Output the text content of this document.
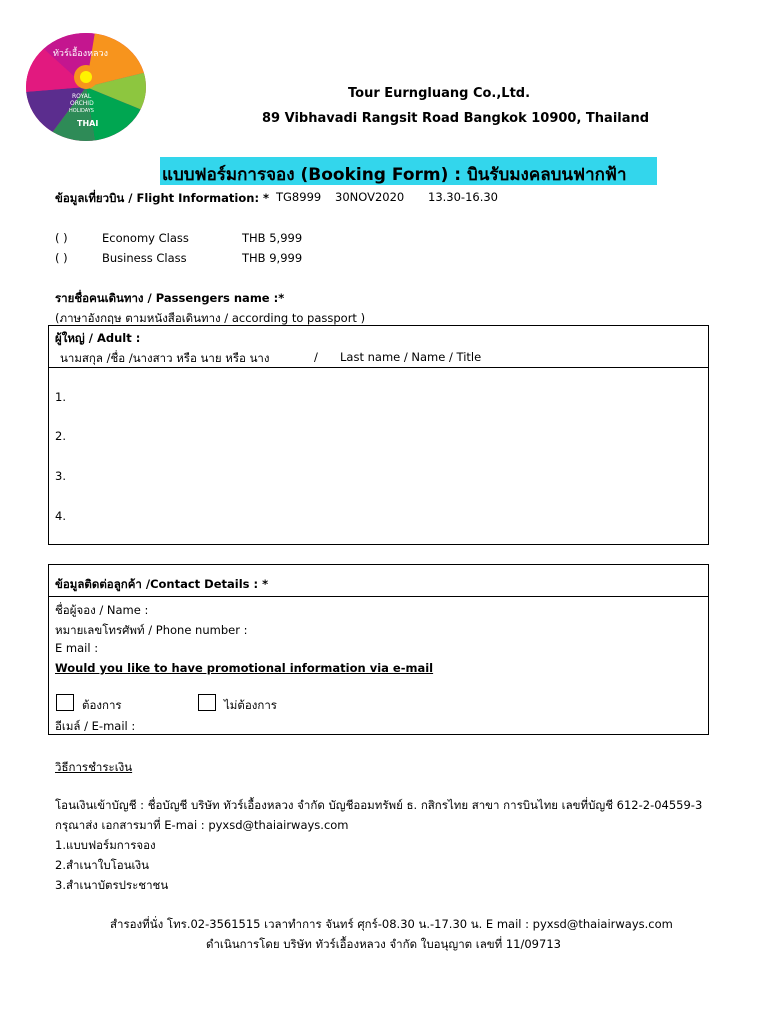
ทัวร์เอื้องหลวง
ROYAL
ORCHID
HOLIDAYS
THAI
Tour Eurngluang Co.,Ltd.
89 Vibhavadi Rangsit Road Bangkok 10900, Thailand
แบบฟอร์มการจอง (Booking Form) : บินรับมงคลบนฟากฟ้า
ข้อมูลเที่ยวบิน / Flight Information: * TG8999 30NOV2020 13.30-16.30
( )	Economy Class	THB 5,999
( )	Business Class	THB 9,999
รายชื่อคนเดินทาง / Passengers name :*
(ภาษาอังกฤษ ตามหนังสือเดินทาง / according to passport )
ผู้ใหญ่ / Adult :
นามสกุล /ชื่อ /นางสาว หรือ นาย หรือ นาง	/ Last name / Name / Title
1.
2.
3.
4.
ข้อมูลติดต่อลูกค้า /Contact Details : *
ชื่อผู้จอง / Name :
หมายเลขโทรศัพท์ / Phone number :
E mail :
Would you like to have promotional information via e-mail
ต้องการ	ไม่ต้องการ
อีเมล์ / E-mail :
วิธีการชำระเงิน
โอนเงินเข้าบัญชี : ชื่อบัญชี บริษัท ทัวร์เอื้องหลวง จำกัด บัญชีออมทรัพย์ ธ. กสิกรไทย สาขา การบินไทย เลขที่บัญชี 612-2-04559-3
กรุณาส่ง เอกสารมาที่ E-mai : pyxsd@thaiairways.com
1.แบบฟอร์มการจอง
2.สำเนาใบโอนเงิน
3.สำเนาบัตรประชาชน
สำรองที่นั่ง โทร.02-3561515 เวลาทำการ จันทร์ ศุกร์-08.30 น.-17.30 น. E mail : pyxsd@thaiairways.com
ดำเนินการโดย บริษัท ทัวร์เอื้องหลวง จำกัด ใบอนุญาต เลขที่ 11/09713
